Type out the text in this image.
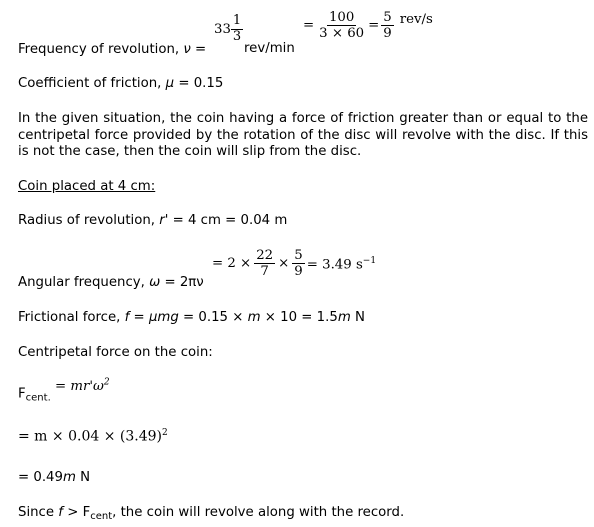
$33 \frac{1}{3}$
rev/min
= $\frac{100}{3 \times 60} = \frac{5}{9} rev/s$
Frequency of revolution, ν =
Coefficient of friction, μ = 0.15
In the given situation, the coin having a force of friction greater than or equal to the centripetal force provided by the rotation of the disc will revolve with the disc. If this is not the case, then the coin will slip from the disc.
Coin placed at 4 cm:
Radius of revolution, r' = 4 cm = 0.04 m
= $2 \times \frac{22}{7} \times \frac{5}{9} = 3.49$ $s^{-1}$
Angular frequency, ω = 2πν
Frictional force, f = μmg = 0.15 × m × 10 = 1.5m N
Centripetal force on the coin:
$F_{cent.} = mr'\omega^2$
= $m \times 0.04 \times (3.49)^2$
= 0.49m N
Since $f > F_{cent}$, the coin will revolve along with the record.
